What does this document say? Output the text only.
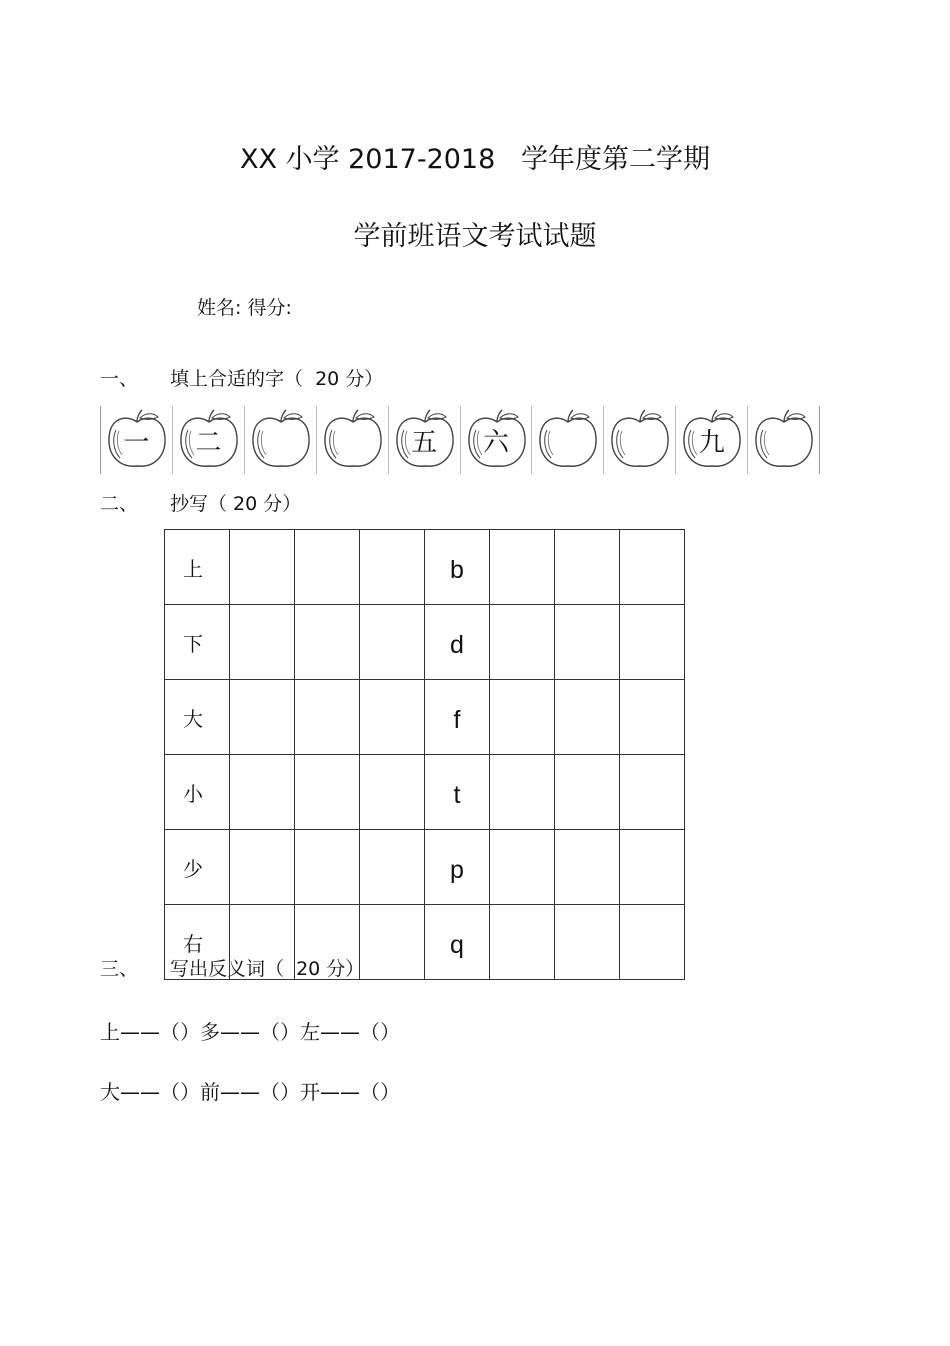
XX 小学 2017-2018   学年度第二学期
学前班语文考试试题
姓名: 得分:
一、 填上合适的字（  20 分）
一	二	五	六	九
二、 抄写（ 20 分）
上				b			
下				d			
大				f			
小				t			
少				p			
右				q			
三、 写出反义词（  20 分）
上——（）多——（）左——（）
大——（）前——（）开——（）
